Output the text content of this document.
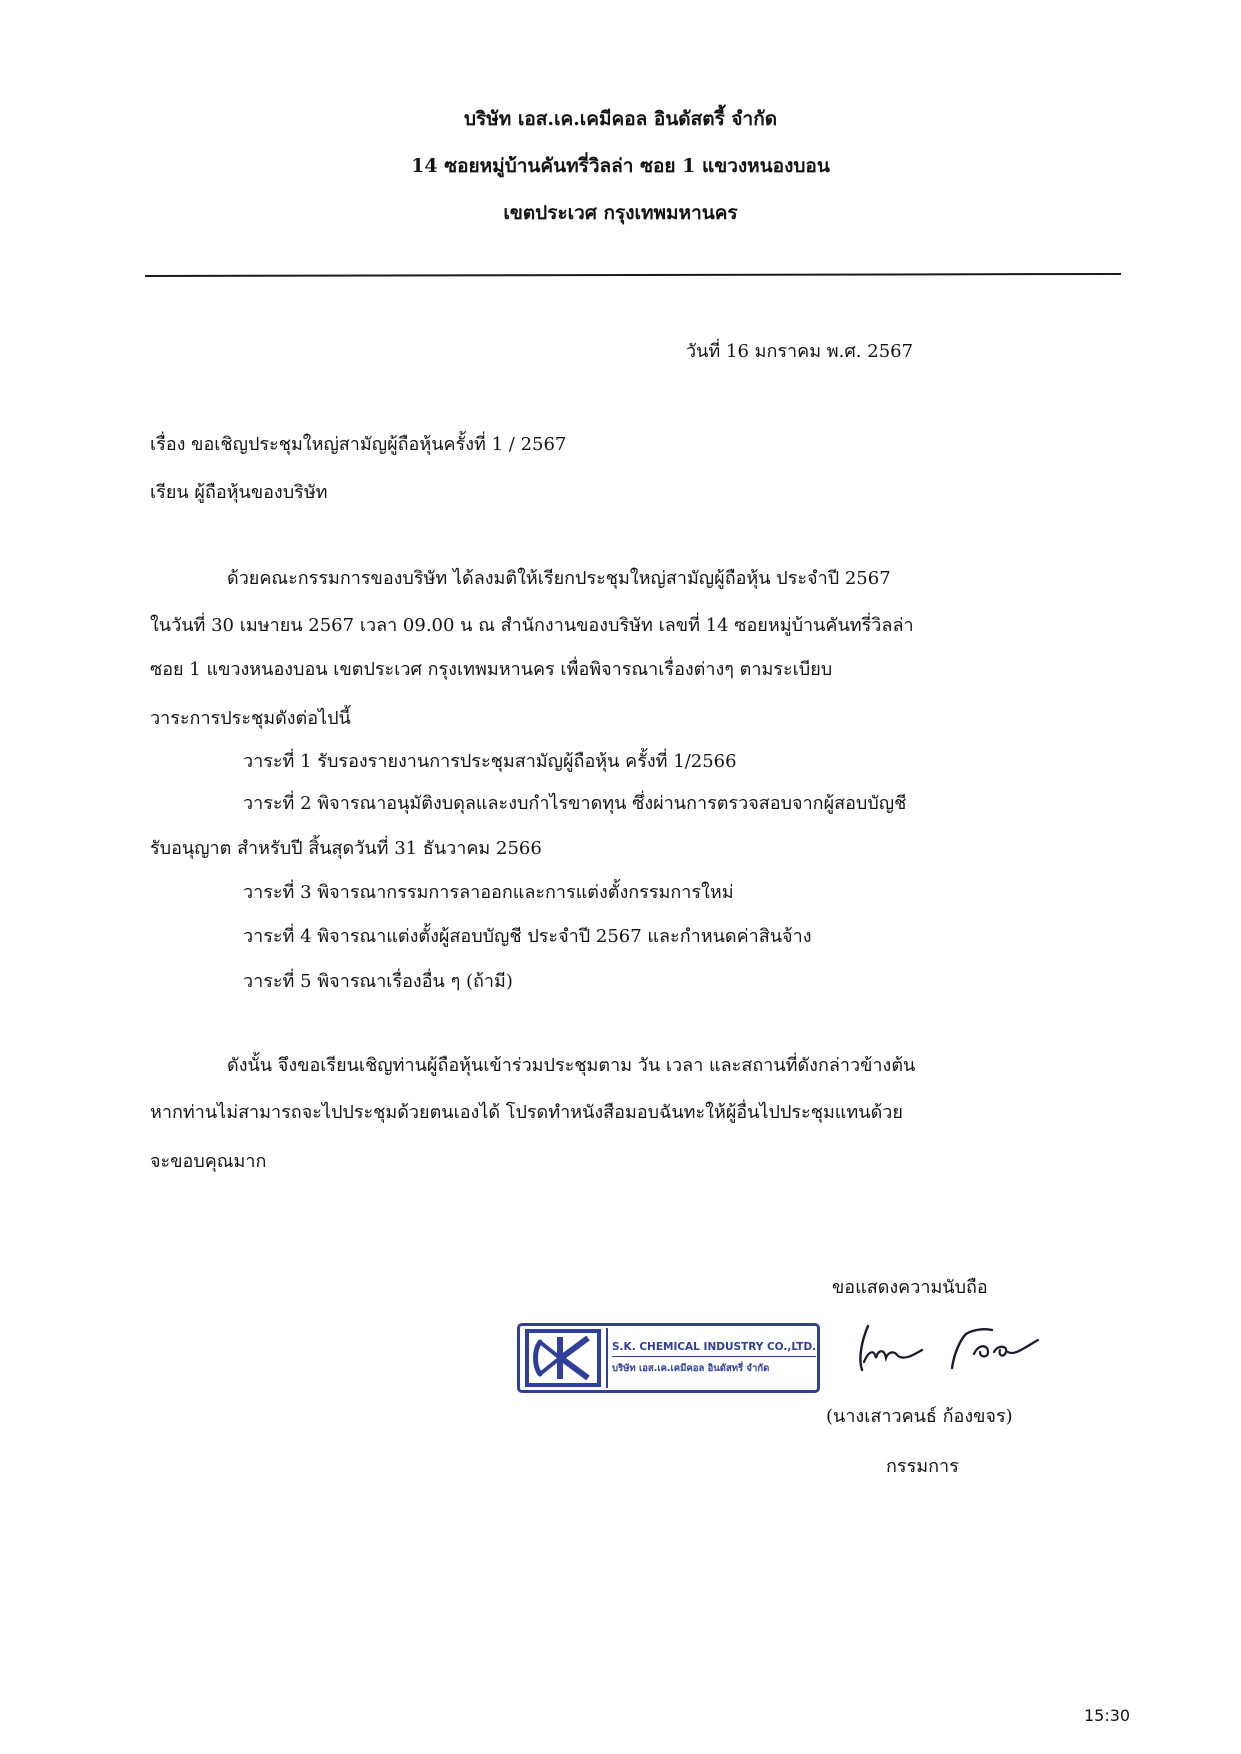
บริษัท เอส.เค.เคมีคอล อินดัสตรี้ จำกัด
14 ซอยหมู่บ้านคันทรี่วิลล่า ซอย 1 แขวงหนองบอน
เขตประเวศ กรุงเทพมหานคร
วันที่ 16 มกราคม พ.ศ. 2567
เรื่อง ขอเชิญประชุมใหญ่สามัญผู้ถือหุ้นครั้งที่ 1 / 2567
เรียน ผู้ถือหุ้นของบริษัท
ด้วยคณะกรรมการของบริษัท ได้ลงมติให้เรียกประชุมใหญ่สามัญผู้ถือหุ้น ประจำปี 2567
ในวันที่ 30 เมษายน 2567 เวลา 09.00 น ณ สำนักงานของบริษัท เลขที่ 14 ซอยหมู่บ้านคันทรี่วิลล่า
ซอย 1 แขวงหนองบอน เขตประเวศ กรุงเทพมหานคร เพื่อพิจารณาเรื่องต่างๆ ตามระเบียบ
วาระการประชุมดังต่อไปนี้
วาระที่ 1 รับรองรายงานการประชุมสามัญผู้ถือหุ้น ครั้งที่ 1/2566
วาระที่ 2 พิจารณาอนุมัติงบดุลและงบกำไรขาดทุน ซึ่งผ่านการตรวจสอบจากผู้สอบบัญชี
รับอนุญาต สำหรับปี สิ้นสุดวันที่ 31 ธันวาคม 2566
วาระที่ 3 พิจารณากรรมการลาออกและการแต่งตั้งกรรมการใหม่
วาระที่ 4 พิจารณาแต่งตั้งผู้สอบบัญชี ประจำปี 2567 และกำหนดค่าสินจ้าง
วาระที่ 5 พิจารณาเรื่องอื่น ๆ (ถ้ามี)
ดังนั้น จึงขอเรียนเชิญท่านผู้ถือหุ้นเข้าร่วมประชุมตาม วัน เวลา และสถานที่ดังกล่าวข้างต้น
หากท่านไม่สามารถจะไปประชุมด้วยตนเองได้ โปรดทำหนังสือมอบฉันทะให้ผู้อื่นไปประชุมแทนด้วย
จะขอบคุณมาก
ขอแสดงความนับถือ
S.K. CHEMICAL INDUSTRY CO.,LTD.
บริษัท เอส.เค.เคมีคอล อินดัสทรี่ จำกัด
(นางเสาวคนธ์ ก้องขจร)
กรรมการ
15:30
